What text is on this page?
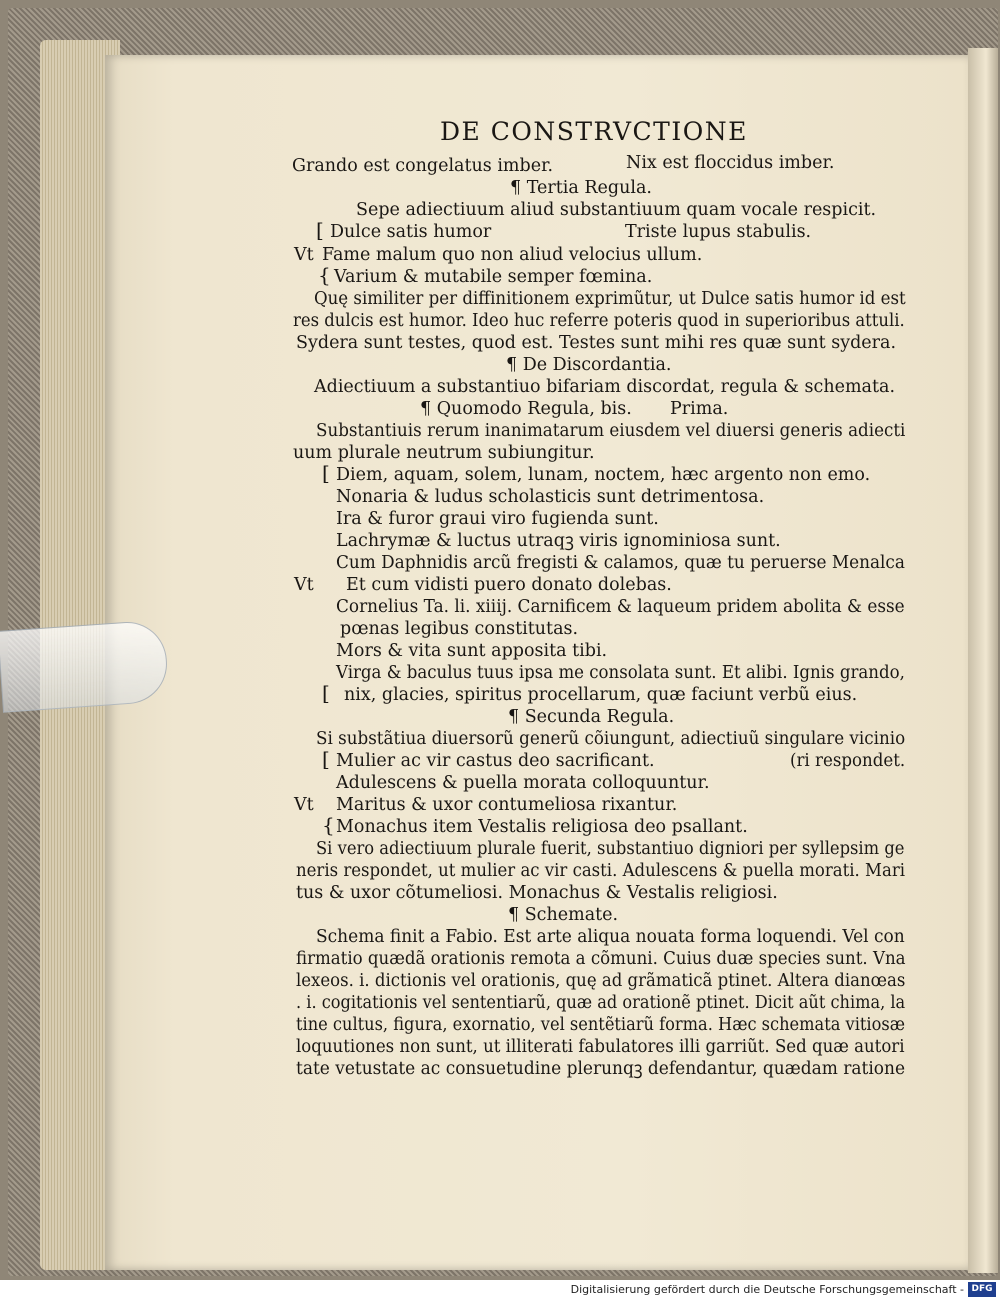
DE CONSTRVCTIONE
Grando est congelatus imber.	Nix est floccidus imber.
¶ Tertia Regula.
Sepe adiectiuum aliud substantiuum quam vocale respicit.
[ Dulce satis humor	Triste lupus stabulis.
Vt Fame malum quo non aliud velocius ullum.
{ Varium & mutabile semper fœmina.
Quę similiter per diffinitionem exprimũtur, ut Dulce satis humor id est
res dulcis est humor. Ideo huc referre poteris quod in superioribus attuli.
Sydera sunt testes, quod est. Testes sunt mihi res quæ sunt sydera.
¶ De Discordantia.
Adiectiuum a substantiuo bifariam discordat, regula & schemata.
¶ Quomodo Regula, bis. Prima.
Substantiuis rerum inanimatarum eiusdem vel diuersi generis adiecti
uum plurale neutrum subiungitur.
[ Diem, aquam, solem, lunam, noctem, hæc argento non emo.
Nonaria & ludus scholasticis sunt detrimentosa.
Ira & furor graui viro fugienda sunt.
Lachrymæ & luctus utraqꝫ viris ignominiosa sunt.
Cum Daphnidis arcũ fregisti & calamos, quæ tu peruerse Menalca
Vt Et cum vidisti puero donato dolebas.
Cornelius Ta. li. xiiij. Carnificem & laqueum pridem abolita & esse
pœnas legibus constitutas.
Mors & vita sunt apposita tibi.
Virga & baculus tuus ipsa me consolata sunt. Et alibi. Ignis grando,
[ nix, glacies, spiritus procellarum, quæ faciunt verbũ eius.
¶ Secunda Regula.
Si substãtiua diuersorũ generũ cõiungunt, adiectiuũ singulare vicinio
[ Mulier ac vir castus deo sacrificant.	(ri respondet.
Adulescens & puella morata colloquuntur.
Vt Maritus & uxor contumeliosa rixantur.
{ Monachus item Vestalis religiosa deo psallant.
Si vero adiectiuum plurale fuerit, substantiuo digniori per syllepsim ge
neris respondet, ut mulier ac vir casti. Adulescens & puella morati. Mari
tus & uxor cõtumeliosi. Monachus & Vestalis religiosi.
¶ Schemate.
Schema finit a Fabio. Est arte aliqua nouata forma loquendi. Vel con
firmatio quædã orationis remota a cõmuni. Cuius duæ species sunt. Vna
lexeos. i. dictionis vel orationis, quę ad grãmaticã ptinet. Altera dianœas
. i. cogitationis vel sententiarũ, quæ ad orationẽ ptinet. Dicit aũt chima, la
tine cultus, figura, exornatio, vel sentẽtiarũ forma. Hæc schemata vitiosæ
loquutiones non sunt, ut illiterati fabulatores illi garriũt. Sed quæ autori
tate vetustate ac consuetudine plerunqꝫ defendantur, quædam ratione
Digitalisierung gefördert durch die Deutsche Forschungsgemeinschaft - DFG
